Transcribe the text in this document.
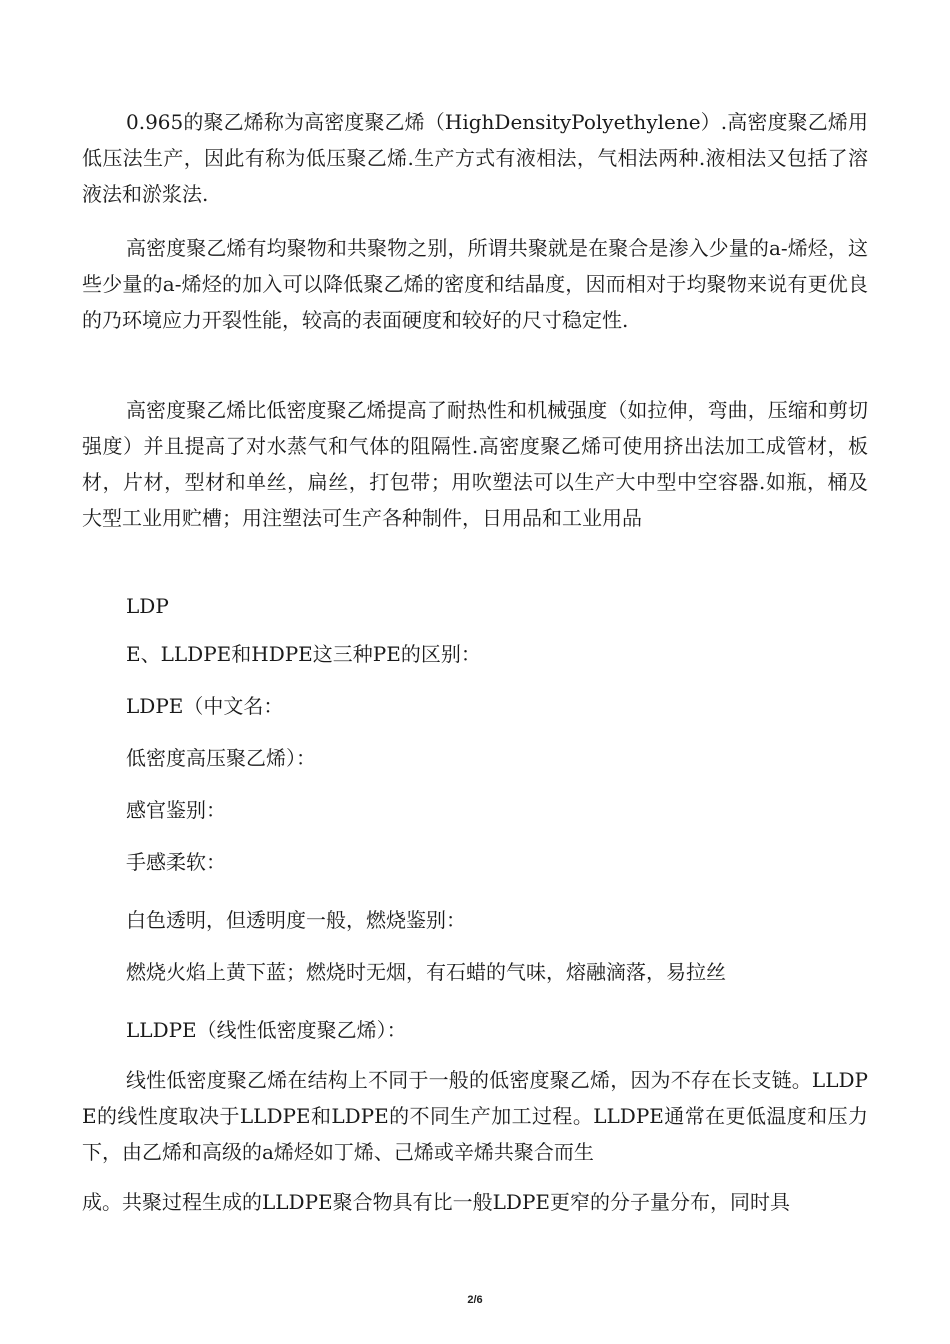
0.965的聚乙烯称为高密度聚乙烯（HighDensityPolyethylene）.高密度聚乙烯用低压法生产，因此有称为低压聚乙烯.生产方式有液相法，气相法两种.液相法又包括了溶液法和淤浆法.

高密度聚乙烯有均聚物和共聚物之别，所谓共聚就是在聚合是渗入少量的a-烯烃，这些少量的a-烯烃的加入可以降低聚乙烯的密度和结晶度，因而相对于均聚物来说有更优良的乃环境应力开裂性能，较高的表面硬度和较好的尺寸稳定性.

高密度聚乙烯比低密度聚乙烯提高了耐热性和机械强度（如拉伸，弯曲，压缩和剪切强度）并且提高了对水蒸气和气体的阻隔性.高密度聚乙烯可使用挤出法加工成管材，板材，片材，型材和单丝，扁丝，打包带；用吹塑法可以生产大中型中空容器.如瓶，桶及大型工业用贮槽；用注塑法可生产各种制件，日用品和工业用品

LDP

E、LLDPE和HDPE这三种PE的区别：

LDPE（中文名：

低密度高压聚乙烯）：

感官鉴别：

手感柔软：

白色透明，但透明度一般，燃烧鉴别：

燃烧火焰上黄下蓝；燃烧时无烟，有石蜡的气味，熔融滴落，易拉丝

LLDPE（线性低密度聚乙烯）：

线性低密度聚乙烯在结构上不同于一般的低密度聚乙烯，因为不存在长支链。LLDPE的线性度取决于LLDPE和LDPE的不同生产加工过程。LLDPE通常在更低温度和压力下，由乙烯和高级的a烯烃如丁烯、己烯或辛烯共聚合而生

成。共聚过程生成的LLDPE聚合物具有比一般LDPE更窄的分子量分布，同时具

2/6
